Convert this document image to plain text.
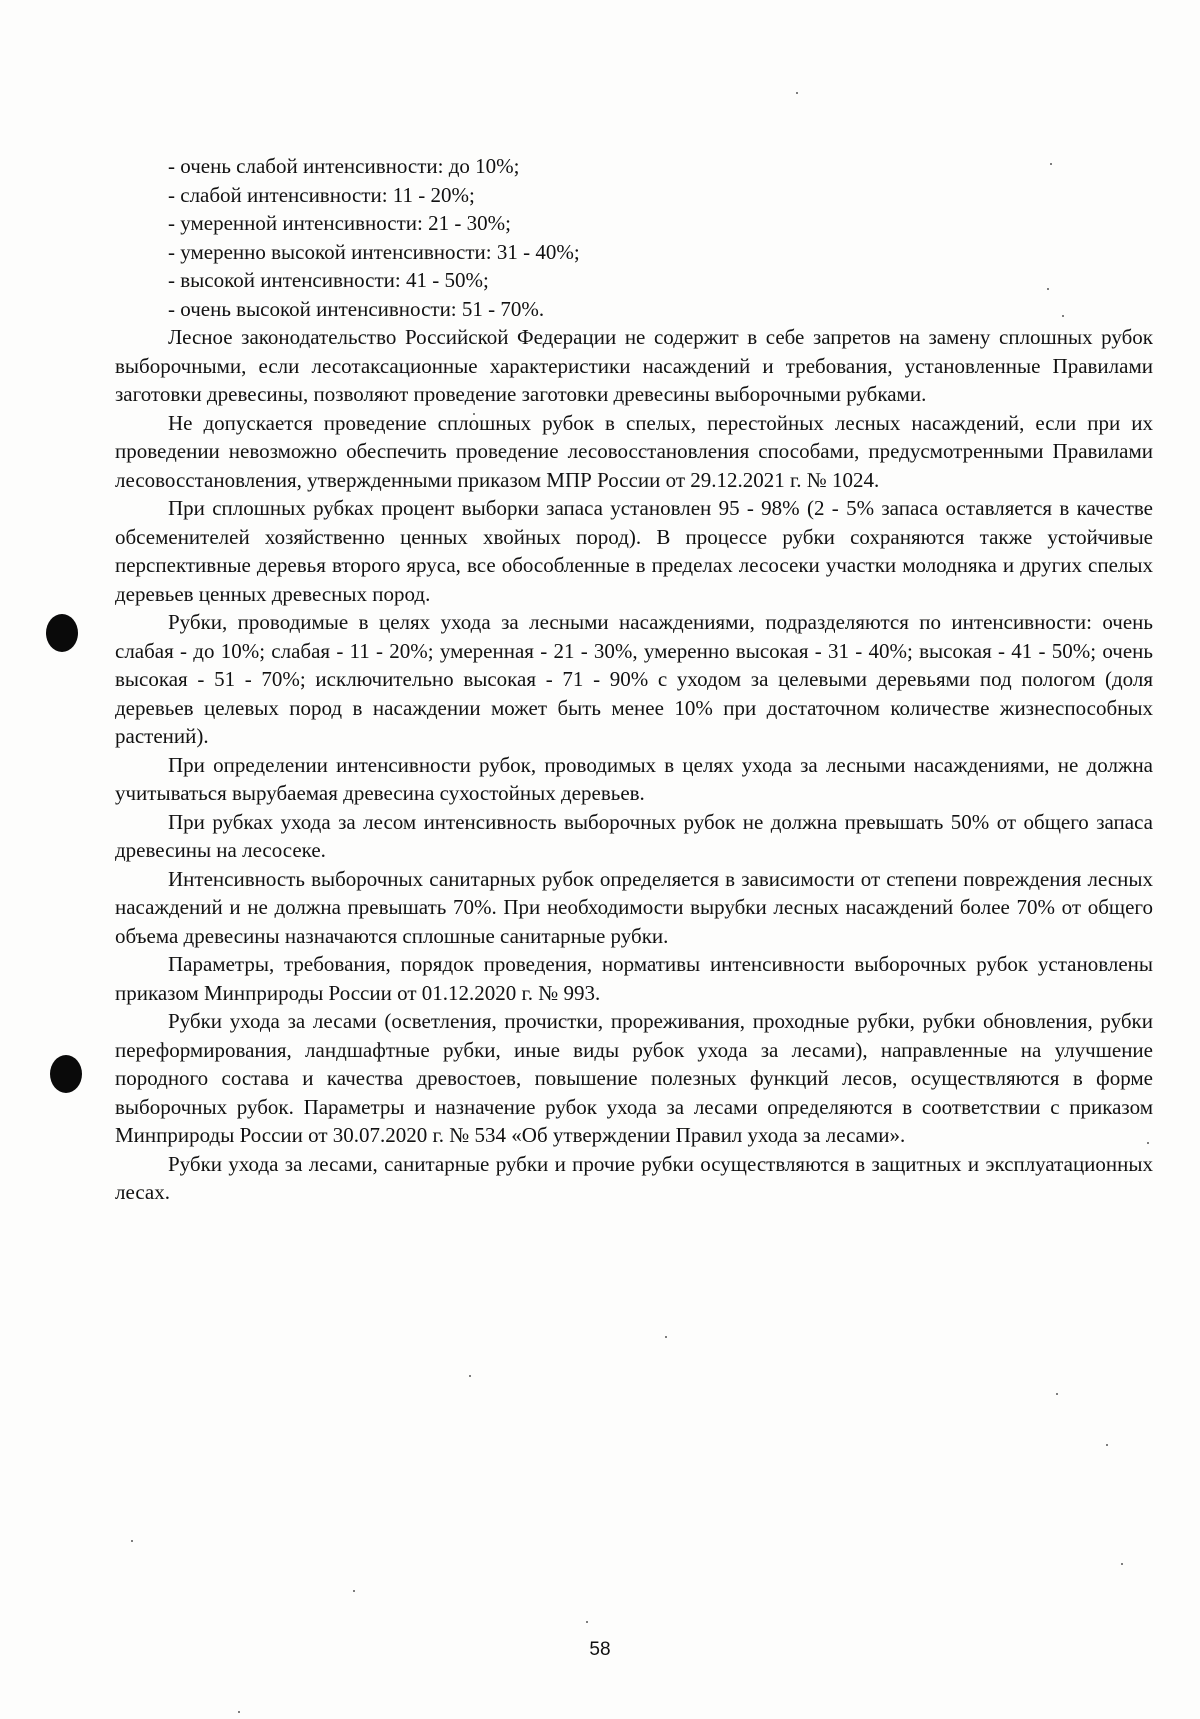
- очень слабой интенсивности: до 10%;

- слабой интенсивности: 11 - 20%;

- умеренной интенсивности: 21 - 30%;

- умеренно высокой интенсивности: 31 - 40%;

- высокой интенсивности: 41 - 50%;

- очень высокой интенсивности: 51 - 70%.

Лесное законодательство Российской Федерации не содержит в себе запретов на замену сплошных рубок выборочными, если лесотаксационные характеристики насаждений и требования, установленные Правилами заготовки древесины, позволяют проведение заготовки древесины выборочными рубками.

Не допускается проведение сплошных рубок в спелых, перестойных лесных насаждений, если при их проведении невозможно обеспечить проведение лесовосстановления способами, предусмотренными Правилами лесовосстановления, утвержденными приказом МПР России от 29.12.2021 г. № 1024.

При сплошных рубках процент выборки запаса установлен 95 - 98% (2 - 5% запаса оставляется в качестве обсеменителей хозяйственно ценных хвойных пород). В процессе рубки сохраняются также устойчивые перспективные деревья второго яруса, все обособленные в пределах лесосеки участки молодняка и других спелых деревьев ценных древесных пород.

Рубки, проводимые в целях ухода за лесными насаждениями, подразделяются по интенсивности: очень слабая - до 10%; слабая - 11 - 20%; умеренная - 21 - 30%, умеренно высокая - 31 - 40%; высокая - 41 - 50%; очень высокая - 51 - 70%; исключительно высокая - 71 - 90% с уходом за целевыми деревьями под пологом (доля деревьев целевых пород в насаждении может быть менее 10% при достаточном количестве жизнеспособных растений).

При определении интенсивности рубок, проводимых в целях ухода за лесными насаждениями, не должна учитываться вырубаемая древесина сухостойных деревьев.

При рубках ухода за лесом интенсивность выборочных рубок не должна превышать 50% от общего запаса древесины на лесосеке.

Интенсивность выборочных санитарных рубок определяется в зависимости от степени повреждения лесных насаждений и не должна превышать 70%. При необходимости вырубки лесных насаждений более 70% от общего объема древесины назначаются сплошные санитарные рубки.

Параметры, требования, порядок проведения, нормативы интенсивности выборочных рубок установлены приказом Минприроды России от 01.12.2020 г. № 993.

Рубки ухода за лесами (осветления, прочистки, прореживания, проходные рубки, рубки обновления, рубки переформирования, ландшафтные рубки, иные виды рубок ухода за лесами), направленные на улучшение породного состава и качества древостоев, повышение полезных функций лесов, осуществляются в форме выборочных рубок. Параметры и назначение рубок ухода за лесами определяются в соответствии с приказом Минприроды России от 30.07.2020 г. № 534 «Об утверждении Правил ухода за лесами».

Рубки ухода за лесами, санитарные рубки и прочие рубки осуществляются в защитных и эксплуатационных лесах.

58
